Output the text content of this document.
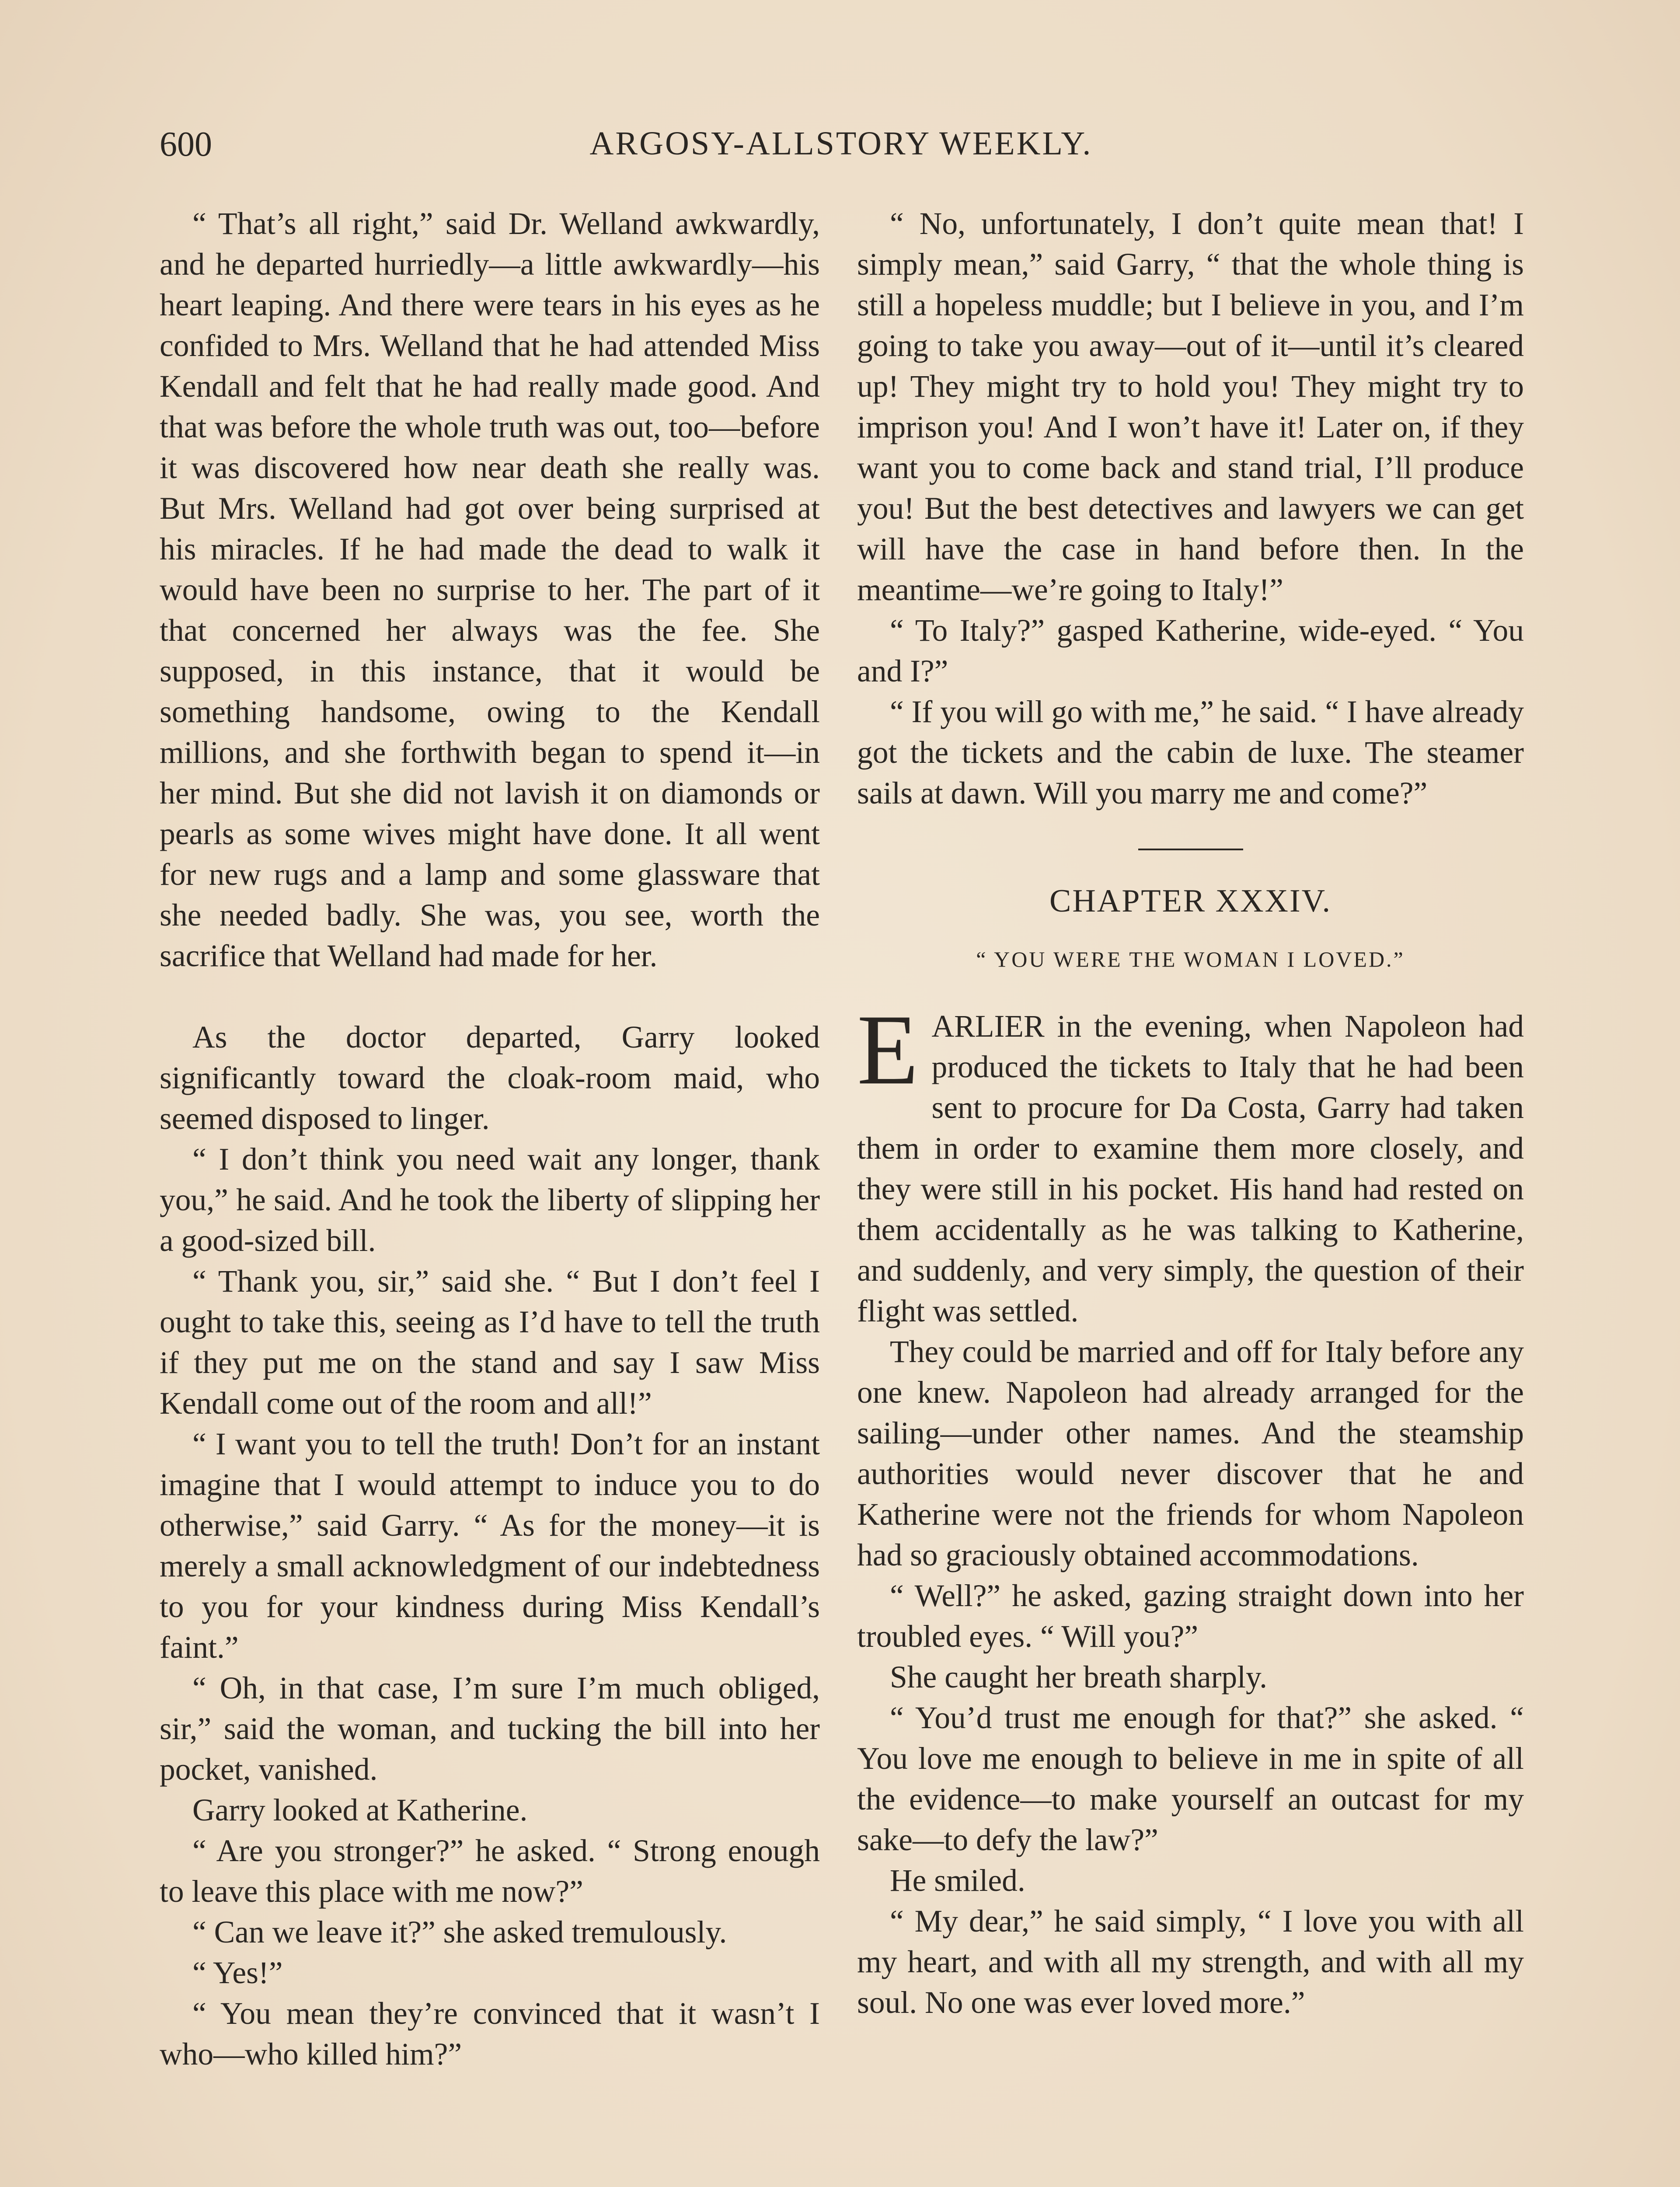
600	ARGOSY-ALLSTORY WEEKLY.

“ That’s all right,” said Dr. Welland awkwardly, and he departed hurriedly—a little awkwardly—his heart leaping. And there were tears in his eyes as he confided to Mrs. Welland that he had attended Miss Kendall and felt that he had really made good. And that was before the whole truth was out, too—before it was discovered how near death she really was. But Mrs. Welland had got over being surprised at his miracles. If he had made the dead to walk it would have been no surprise to her. The part of it that concerned her always was the fee. She supposed, in this instance, that it would be something handsome, owing to the Kendall millions, and she forthwith began to spend it—in her mind. But she did not lavish it on diamonds or pearls as some wives might have done. It all went for new rugs and a lamp and some glassware that she needed badly. She was, you see, worth the sacrifice that Welland had made for her.

As the doctor departed, Garry looked significantly toward the cloak-room maid, who seemed disposed to linger.

“ I don’t think you need wait any longer, thank you,” he said. And he took the liberty of slipping her a good-sized bill.

“ Thank you, sir,” said she. “ But I don’t feel I ought to take this, seeing as I’d have to tell the truth if they put me on the stand and say I saw Miss Kendall come out of the room and all!”

“ I want you to tell the truth! Don’t for an instant imagine that I would attempt to induce you to do otherwise,” said Garry. “ As for the money—it is merely a small acknowledgment of our indebtedness to you for your kindness during Miss Kendall’s faint.”

“ Oh, in that case, I’m sure I’m much obliged, sir,” said the woman, and tucking the bill into her pocket, vanished.

Garry looked at Katherine.

“ Are you stronger?” he asked. “ Strong enough to leave this place with me now?”

“ Can we leave it?” she asked tremulously.

“ Yes!”

“ You mean they’re convinced that it wasn’t I who—who killed him?”

“ No, unfortunately, I don’t quite mean that! I simply mean,” said Garry, “ that the whole thing is still a hopeless muddle; but I believe in you, and I’m going to take you away—out of it—until it’s cleared up! They might try to hold you! They might try to imprison you! And I won’t have it! Later on, if they want you to come back and stand trial, I’ll produce you! But the best detectives and lawyers we can get will have the case in hand before then. In the meantime—we’re going to Italy!”

“ To Italy?” gasped Katherine, wide-eyed. “ You and I?”

“ If you will go with me,” he said. “ I have already got the tickets and the cabin de luxe. The steamer sails at dawn. Will you marry me and come?”

CHAPTER XXXIV.
“ YOU WERE THE WOMAN I LOVED.”

EARLIER in the evening, when Napoleon had produced the tickets to Italy that he had been sent to procure for Da Costa, Garry had taken them in order to examine them more closely, and they were still in his pocket. His hand had rested on them accidentally as he was talking to Katherine, and suddenly, and very simply, the question of their flight was settled.

They could be married and off for Italy before any one knew. Napoleon had already arranged for the sailing—under other names. And the steamship authorities would never discover that he and Katherine were not the friends for whom Napoleon had so graciously obtained accommodations.

“ Well?” he asked, gazing straight down into her troubled eyes. “ Will you?”

She caught her breath sharply.

“ You’d trust me enough for that?” she asked. “ You love me enough to believe in me in spite of all the evidence—to make yourself an outcast for my sake—to defy the law?”

He smiled.

“ My dear,” he said simply, “ I love you with all my heart, and with all my strength, and with all my soul. No one was ever loved more.”
